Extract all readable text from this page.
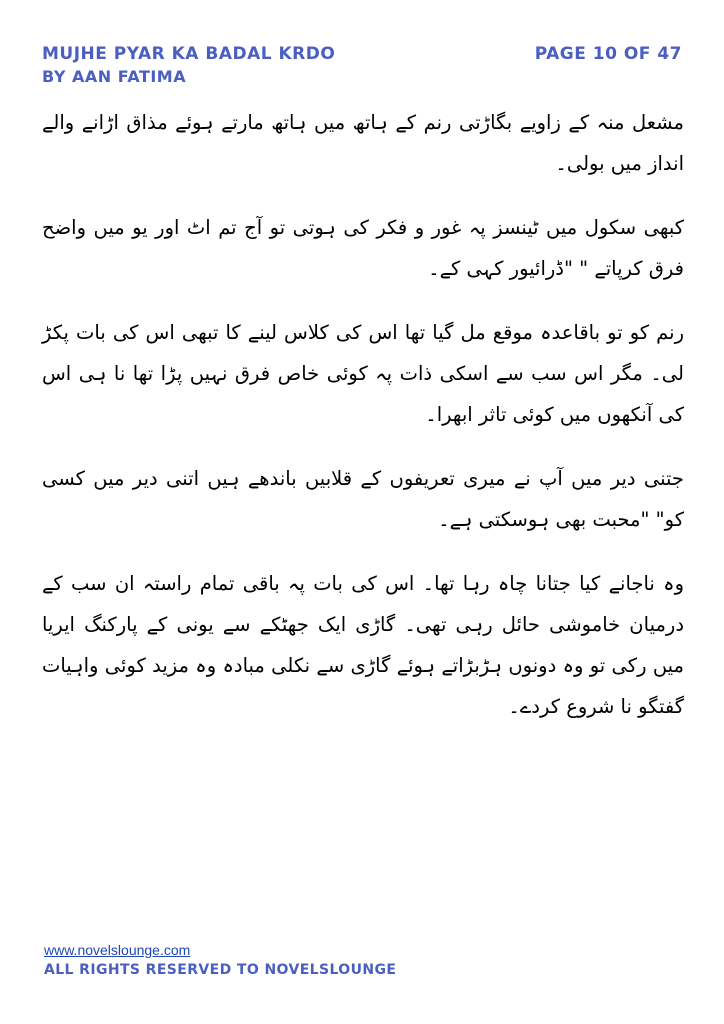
MUJHE PYAR KA BADAL KRDO	PAGE 10 OF 47
BY AAN FATIMA

مشعل منہ کے زاویے بگاڑتی رنم کے ہاتھ میں ہاتھ مارتے ہوئے مذاق اڑانے والے انداز میں بولی۔

کبھی سکول میں ٹینسز پہ غور و فکر کی ہوتی تو آج تم اٹ اور یو میں واضح فرق کرپاتے " "ڈرائیور کہی کے۔

رنم کو تو باقاعدہ موقع مل گیا تھا اس کی کلاس لینے کا تبھی اس کی بات پکڑ لی۔ مگر اس سب سے اسکی ذات پہ کوئی خاص فرق نہیں پڑا تھا نا ہی اس کی آنکھوں میں کوئی تاثر ابھرا۔

جتنی دیر میں آپ نے میری تعریفوں کے قلابیں باندھے ہیں اتنی دیر میں کسی کو" "محبت بھی ہوسکتی ہے۔

وہ ناجانے کیا جتانا چاہ رہا تھا۔ اس کی بات پہ باقی تمام راستہ ان سب کے درمیان خاموشی حائل رہی تھی۔ گاڑی ایک جھٹکے سے یونی کے پارکنگ ایریا میں رکی تو وہ دونوں ہڑبڑاتے ہوئے گاڑی سے نکلی مبادہ وہ مزید کوئی واہیات گفتگو نا شروع کردے۔

www.novelslounge.com
ALL RIGHTS RESERVED TO NOVELSLOUNGE
